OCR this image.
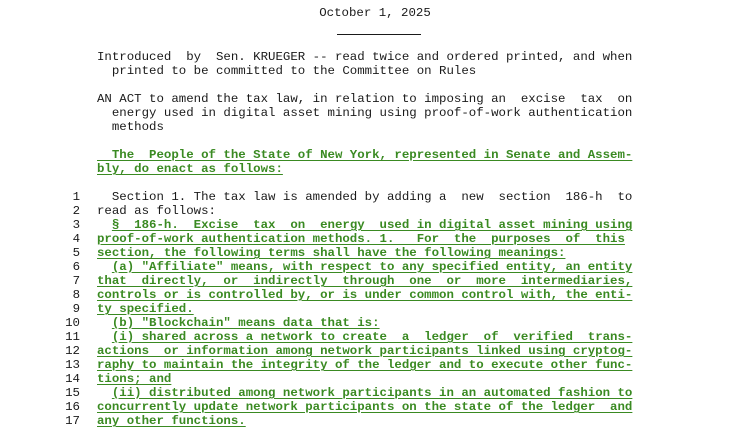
October 1, 2025
Introduced  by  Sen. KRUEGER -- read twice and ordered printed, and when
printed to be committed to the Committee on Rules
AN ACT to amend the tax law, in relation to imposing an  excise  tax  on
energy used in digital asset mining using proof-of-work authentication
methods
The  People of the State of New York, represented in Senate and Assem-
bly, do enact as follows:
1 Section 1. The tax law is amended by adding a  new  section  186-h  to
2 read as follows:
3	§  186-h.  Excise  tax  on  energy  used in digital asset mining using
4 proof-of-work authentication methods. 1.   For  the  purposes  of  this
5 section, the following terms shall have the following meanings:
6	(a) "Affiliate" means, with respect to any specified entity, an entity
7 that  directly,  or  indirectly  through  one  or  more  intermediaries,
8 controls or is controlled by, or is under common control with, the enti-
9 ty specified.
10	(b) "Blockchain" means data that is:
11	(i) shared across a network to create  a  ledger  of  verified  trans-
12 actions  or information among network participants linked using cryptog-
13 raphy to maintain the integrity of the ledger and to execute other func-
14 tions; and
15	(ii) distributed among network participants in an automated fashion to
16 concurrently update network participants on the state of the ledger  and
17 any other functions.
